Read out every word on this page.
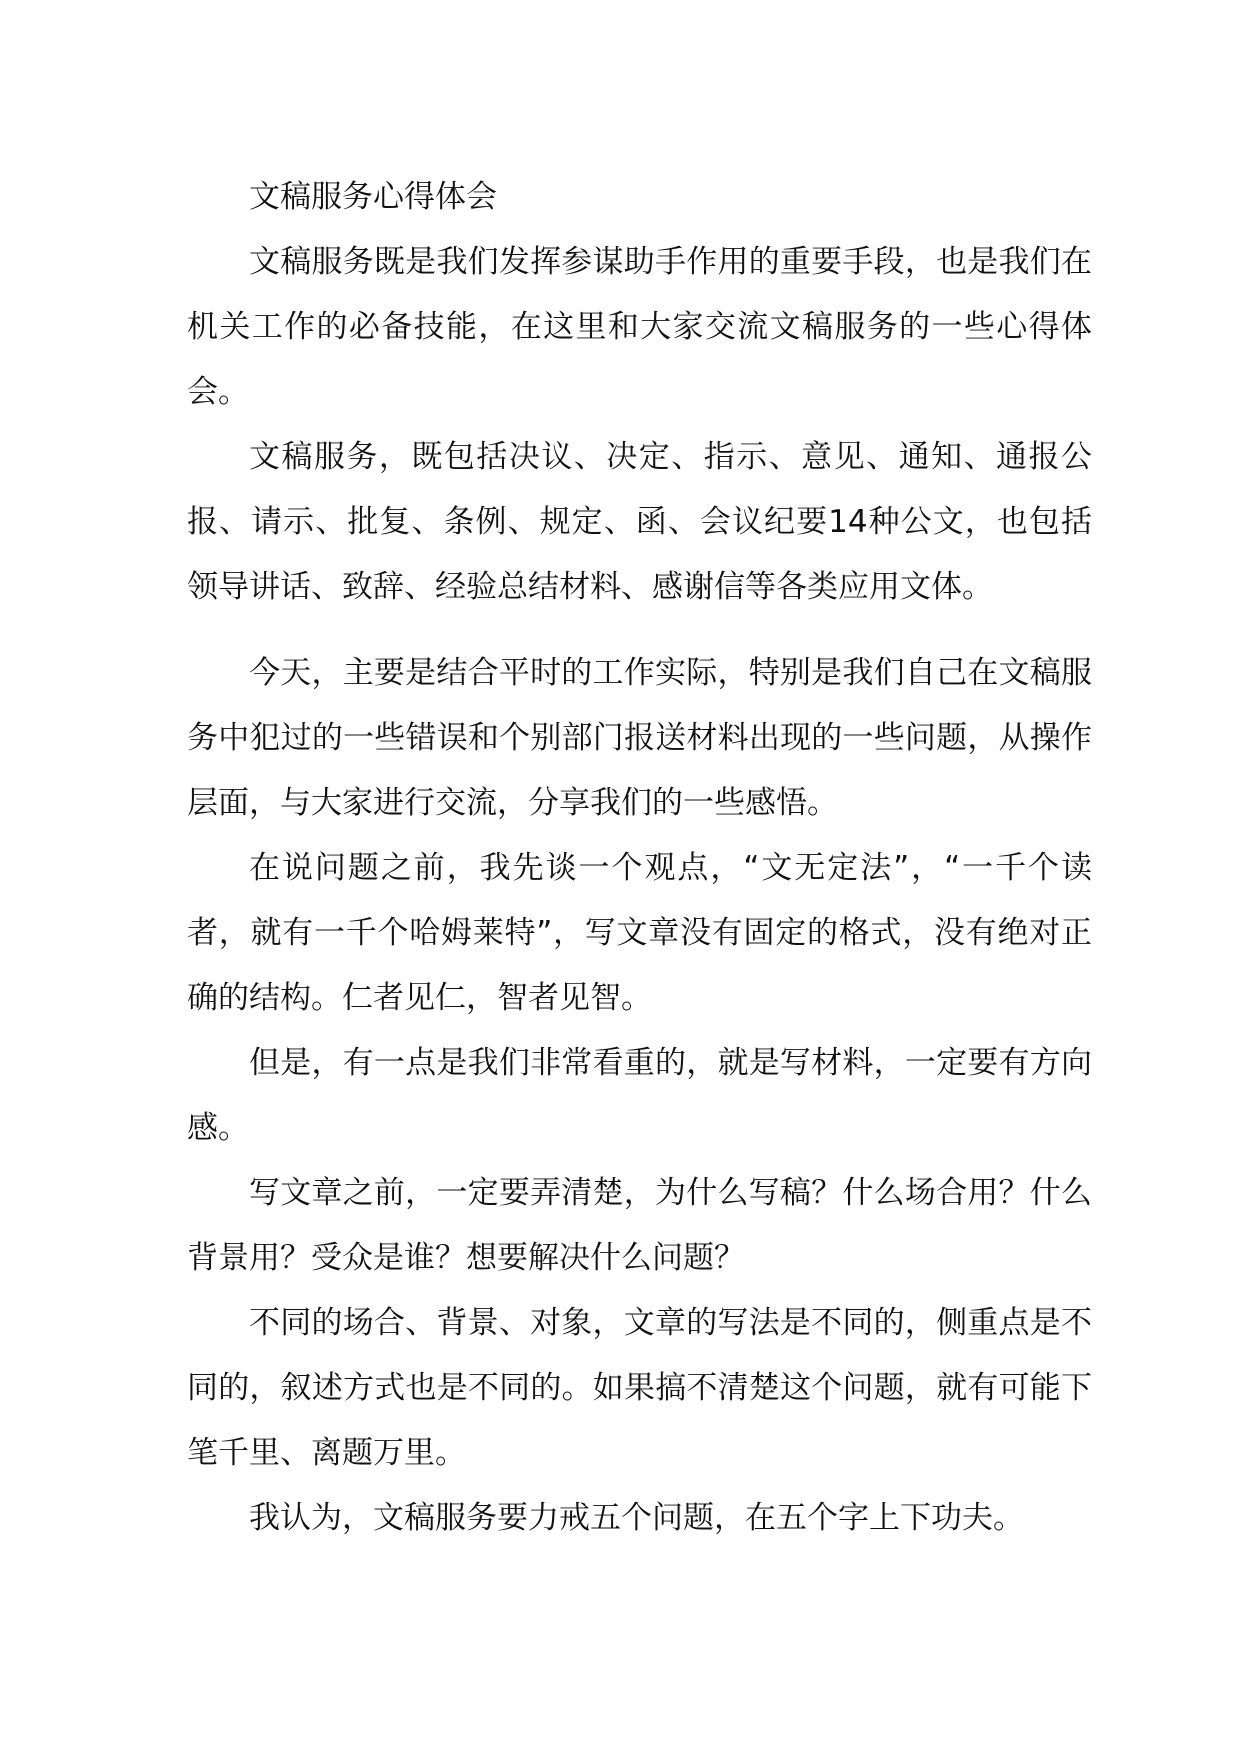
文稿服务心得体会

文稿服务既是我们发挥参谋助手作用的重要手段，也是我们在机关工作的必备技能，在这里和大家交流文稿服务的一些心得体会。

文稿服务，既包括决议、决定、指示、意见、通知、通报公报、请示、批复、条例、规定、函、会议纪要14种公文，也包括领导讲话、致辞、经验总结材料、感谢信等各类应用文体。

今天，主要是结合平时的工作实际，特别是我们自己在文稿服务中犯过的一些错误和个别部门报送材料出现的一些问题，从操作层面，与大家进行交流，分享我们的一些感悟。

在说问题之前，我先谈一个观点，“文无定法”，“一千个读者，就有一千个哈姆莱特”，写文章没有固定的格式，没有绝对正确的结构。仁者见仁，智者见智。

但是，有一点是我们非常看重的，就是写材料，一定要有方向感。

写文章之前，一定要弄清楚，为什么写稿？什么场合用？什么背景用？受众是谁？想要解决什么问题？

不同的场合、背景、对象，文章的写法是不同的，侧重点是不同的，叙述方式也是不同的。如果搞不清楚这个问题，就有可能下笔千里、离题万里。

我认为，文稿服务要力戒五个问题，在五个字上下功夫。
